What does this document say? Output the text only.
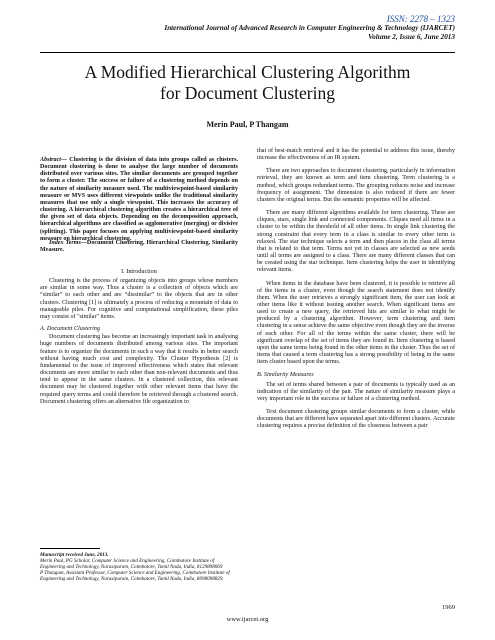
ISSN: 2278 – 1323
International Journal of Advanced Research in Computer Engineering & Technology (IJARCET)
Volume 2, Issue 6, June 2013
A Modified Hierarchical Clustering Algorithm
for Document Clustering
Merin Paul, P Thangam
Abstract— Clustering is the division of data into groups called as clusters. Document clustering is done to analyse the large number of documents distributed over various sites. The similar documents are grouped together to form a cluster. The success or failure of a clustering method depends on the nature of similarity measure used. The multiviewpoint-based similarity measure or MVS uses different viewpoints unlike the traditional similarity measures that use only a single viewpoint. This increases the accuracy of clustering. A hierarchical clustering algorithm creates a hierarchical tree of the given set of data objects. Depending on the decomposition approach, hierarchical algorithms are classified as agglomerative (merging) or divisive (splitting). This paper focuses on applying multiviewpoint-based similarity measure on hierarchical clustering.
Index Terms—Document Clustering, Hierarchical Clustering, Similarity Measure.
I. Introduction

Clustering is the process of organizing objects into groups whose members are similar in some way. Thus a cluster is a collection of objects which are “similar” to each other and are “dissimilar” to the objects that are in other clusters. Clustering [1] is ultimately a process of reducing a mountain of data to manageable piles. For cognitive and computational simplification, these piles may consist of "similar" items.

A. Document Clustering

Document clustering has become an increasingly important task in analysing huge numbers of documents distributed among various sites. The important feature is to organize the documents in such a way that it results in better search without having much cost and complexity. The Cluster Hypothesis [2] is fundamental to the issue of improved effectiveness which states that relevant documents are more similar to each other than non-relevant documents and thus tend to appear in the same clusters. In a clustered collection, this relevant document may be clustered together with other relevant items that have the required query terms and could therefore be retrieved through a clustered search. Document clustering offers an alternative file organization to

Manuscript received June, 2013.
Merin Paul, PG Scholar, Computer Science and Engineering, Coimbatore Institute of Engineering and Technology, Narasipuram, Coimbatore, Tamil Nadu, India, 8129898069
P Thangam, Assistant Professor, Computer Science and Engineering, Coimbatore Institute of Engineering and Technology, Narasipuram, Coimbatore, Tamil Nadu, India, 8098098829.

that of best-match retrieval and it has the potential to address this issue, thereby increase the effectiveness of an IR system.

There are two approaches to document clustering, particularly in information retrieval, they are known as term and item clustering. Term clustering is a method, which groups redundant terms. The grouping reduces noise and increase frequency of assignment. The dimension is also reduced if there are fewer clusters the original terms. But the semantic properties will be affected.

There are many different algorithms available for term clustering. These are cliques, stars, single link and connected components. Cliques need all items in a cluster to be within the threshold of all other items. In single link clustering the strong constraint that every term in a class is similar to every other term is relaxed. The star technique selects a term and then places in the class all terms that is related to that term. Terms not yet in classes are selected as new seeds until all terms are assigned to a class. There are many different classes that can be created using the star technique. Item clustering helps the user in identifying relevant items.

When items in the database have been clustered, it is possible to retrieve all of the items in a cluster, even though the search statement does not identify them. When the user retrieves a strongly significant item, the user can look at other items like it without issuing another search. When significant items are used to create a new query, the retrieved hits are similar to what might be produced by a clustering algorithm. However, term clustering and item clustering in a sense achieve the same objective even though they are the inverse of each other. For all of the terms within the same cluster, there will be significant overlap of the set of items they are found in. Item clustering is based upon the same terms being found in the other items in the cluster. Thus the set of items that caused a term clustering has a strong possibility of being in the same item cluster based upon the terms.

B. Similarity Measures

The set of terms shared between a pair of documents is typically used as an indication of the similarity of the pair. The nature of similarity measure plays a very important role in the success or failure of a clustering method.

Text document clustering groups similar documents to form a cluster, while documents that are different have separated apart into different clusters. Accurate clustering requires a precise definition of the closeness between a pair

1969
www.ijarcet.org
